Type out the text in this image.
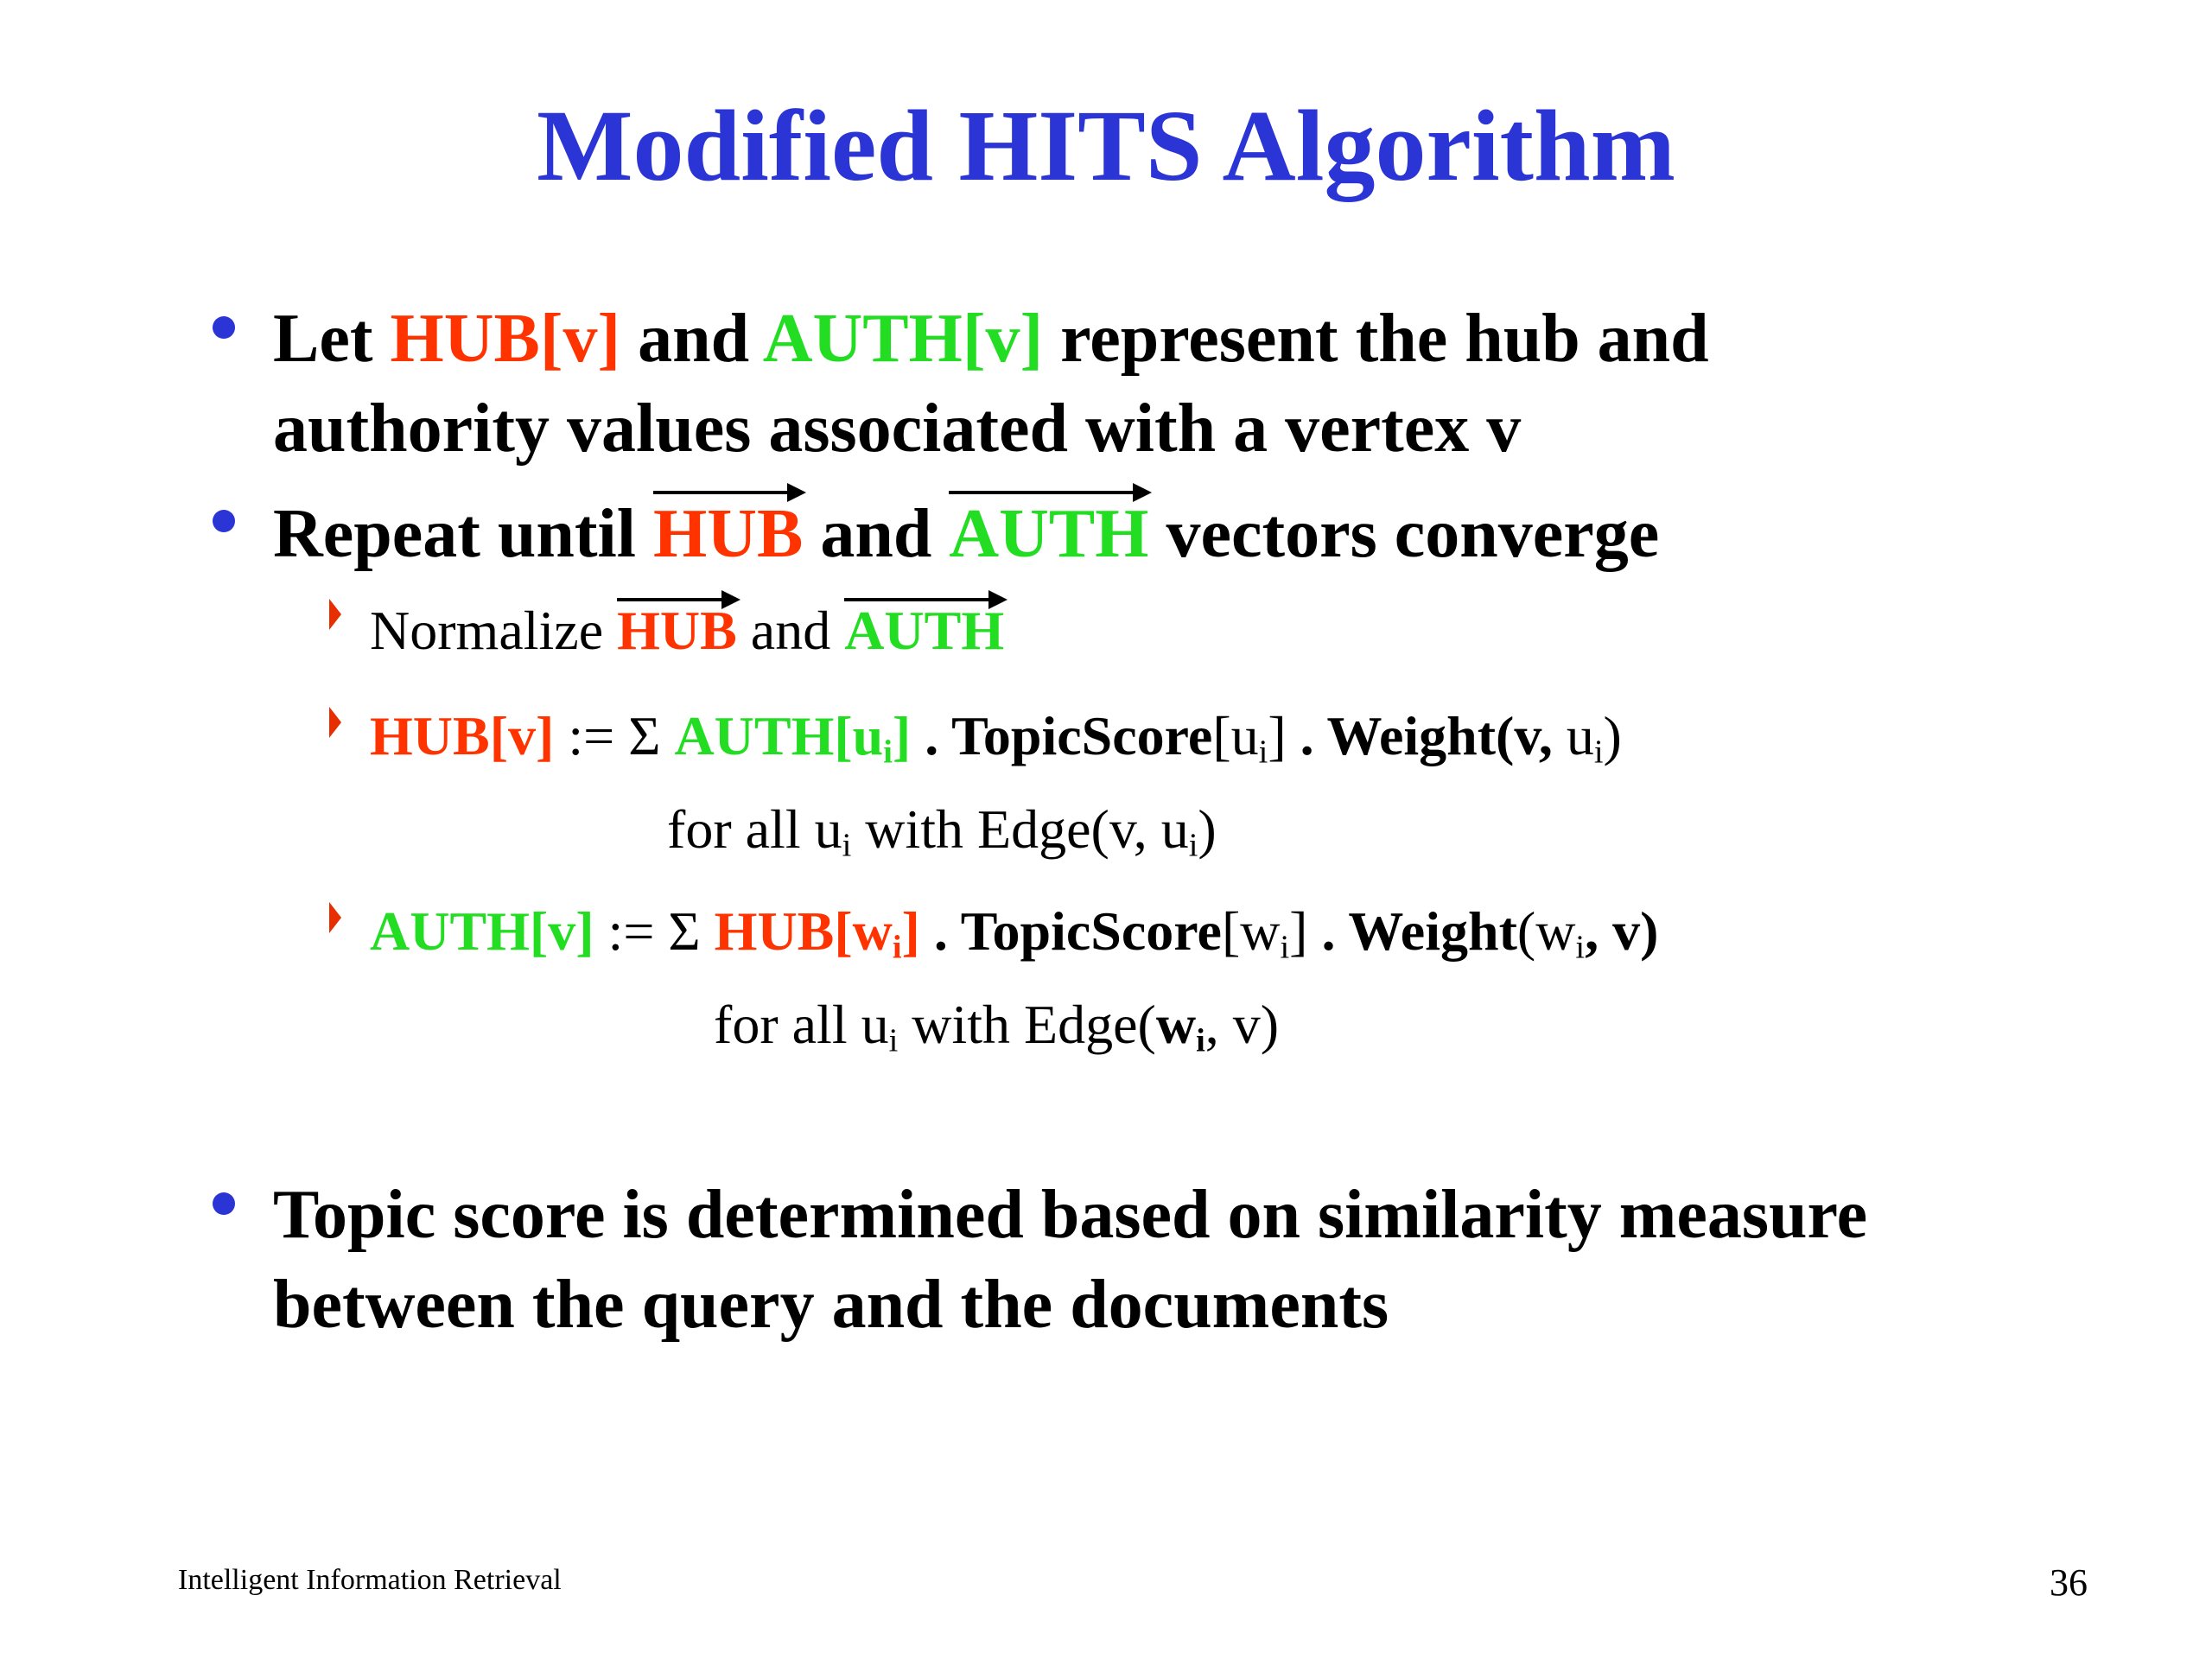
Modified HITS Algorithm
Let HUB[v] and AUTH[v] represent the hub and
authority values associated with a vertex v
Repeat until HUB and AUTH vectors converge
Normalize HUB and AUTH
HUB[v] := Σ $AUTH[u_i]$ . $TopicScore[u_i]$ . Weight(v, $u_i$)
for all $u_i$ with Edge(v, $u_i$)
AUTH[v] := Σ $HUB[w_i]$ . $TopicScore[w_i]$ . $Weight(w_i$, v)
for all $u_i$ with $Edge(w_i$, v)
Topic score is determined based on similarity measure
between the query and the documents
Intelligent Information Retrieval	36
